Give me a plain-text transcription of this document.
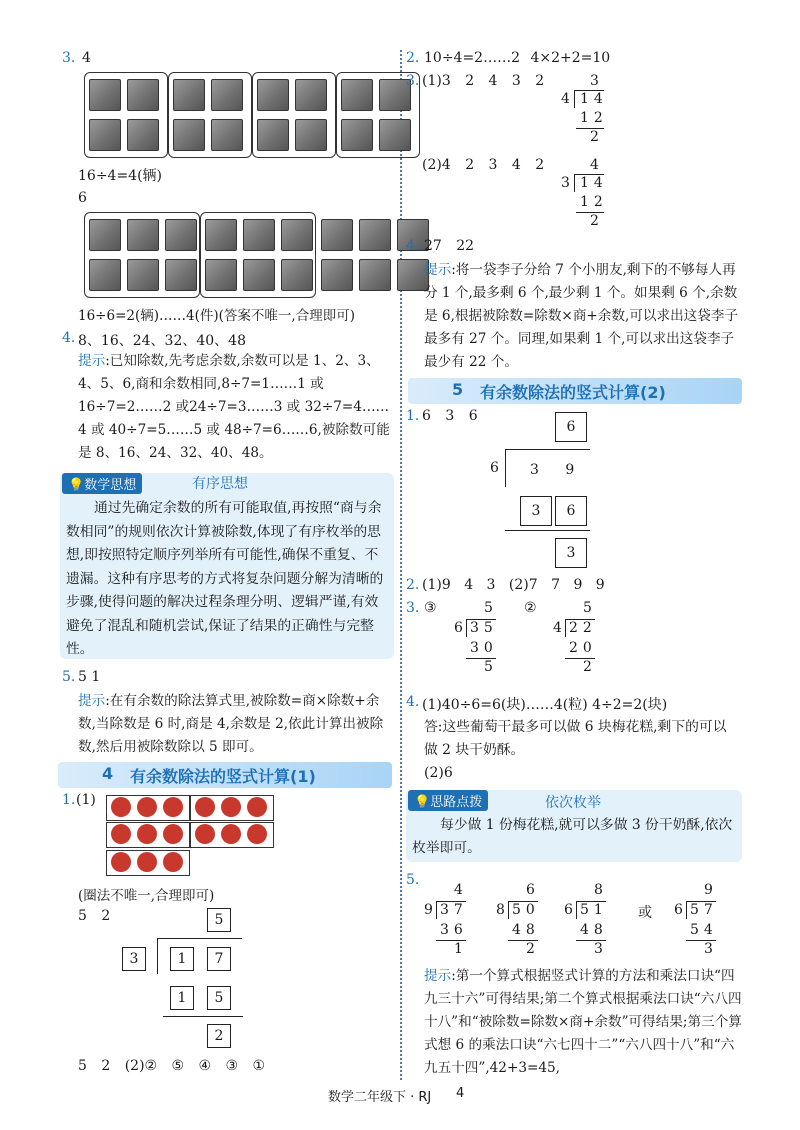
3. 4
16÷4=4(辆)
6
16÷6=2(辆)……4(件)(答案不唯一,合理即可)
4. 8、16、24、32、40、48
提示:已知除数,先考虑余数,余数可以是 1、2、3、4、5、6,商和余数相同,8÷7=1……1 或 16÷7=2……2 或24÷7=3……3 或 32÷7=4……4 或 40÷7=5……5 或 48÷7=6……6,被除数可能是 8、16、24、32、40、48。
💡数学思想	有序思想
通过先确定余数的所有可能取值,再按照“商与余数相同”的规则依次计算被除数,体现了有序枚举的思想,即按照特定顺序列举所有可能性,确保不重复、不遗漏。这种有序思考的方式将复杂问题分解为清晰的步骤,使得问题的解决过程条理分明、逻辑严谨,有效避免了混乱和随机尝试,保证了结果的正确性与完整性。
5. 5 1
提示:在有余数的除法算式里,被除数=商×除数+余数,当除数是 6 时,商是 4,余数是 2,依此计算出被除数,然后用被除数除以 5 即可。
4 有余数除法的竖式计算(1)
1. (1)
(圈法不唯一,合理即可)
5 2	5
3	1	7
1	5
2
5 2 (2)② ⑤ ④ ③ ①
2. 10÷4=2……2 4×2+2=10
3. (1)3 2 4 3 2	3
4 14
12
2
(2)4 2 3 4 2	4
3 14
12
2
4. 27 22
提示:将一袋李子分给 7 个小朋友,剩下的不够每人再分 1 个,最多剩 6 个,最少剩 1 个。如果剩 6 个,余数是 6,根据被除数=除数×商+余数,可以求出这袋李子最多有 27 个。同理,如果剩 1 个,可以求出这袋李子最少有 22 个。
5 有余数除法的竖式计算(2)
1. 6 3 6
6
6 3 9
3	6
3
2. (1)9 4 3 (2)7 7 9 9
3. ③	②
5
6 35
30
5
5
4 22
20
2
4. (1)40÷6=6(块)……4(粒) 4÷2=2(块)
答:这些葡萄干最多可以做 6 块梅花糕,剩下的可以做 2 块干奶酥。
(2)6
💡思路点拨	依次枚举
每少做 1 份梅花糕,就可以多做 3 份干奶酥,依次枚举即可。
5.
4
9 37
36
1
6
8 50
48
2
8
6 51
48
3
9
6 57
54
3
或
提示:第一个算式根据竖式计算的方法和乘法口诀“四九三十六”可得结果;第二个算式根据乘法口诀“六八四十八”和“被除数=除数×商+余数”可得结果;第三个算式想 6 的乘法口诀“六七四十二”“六八四十八”和“六九五十四”,42+3=45,
数学二年级下 · RJ 4
